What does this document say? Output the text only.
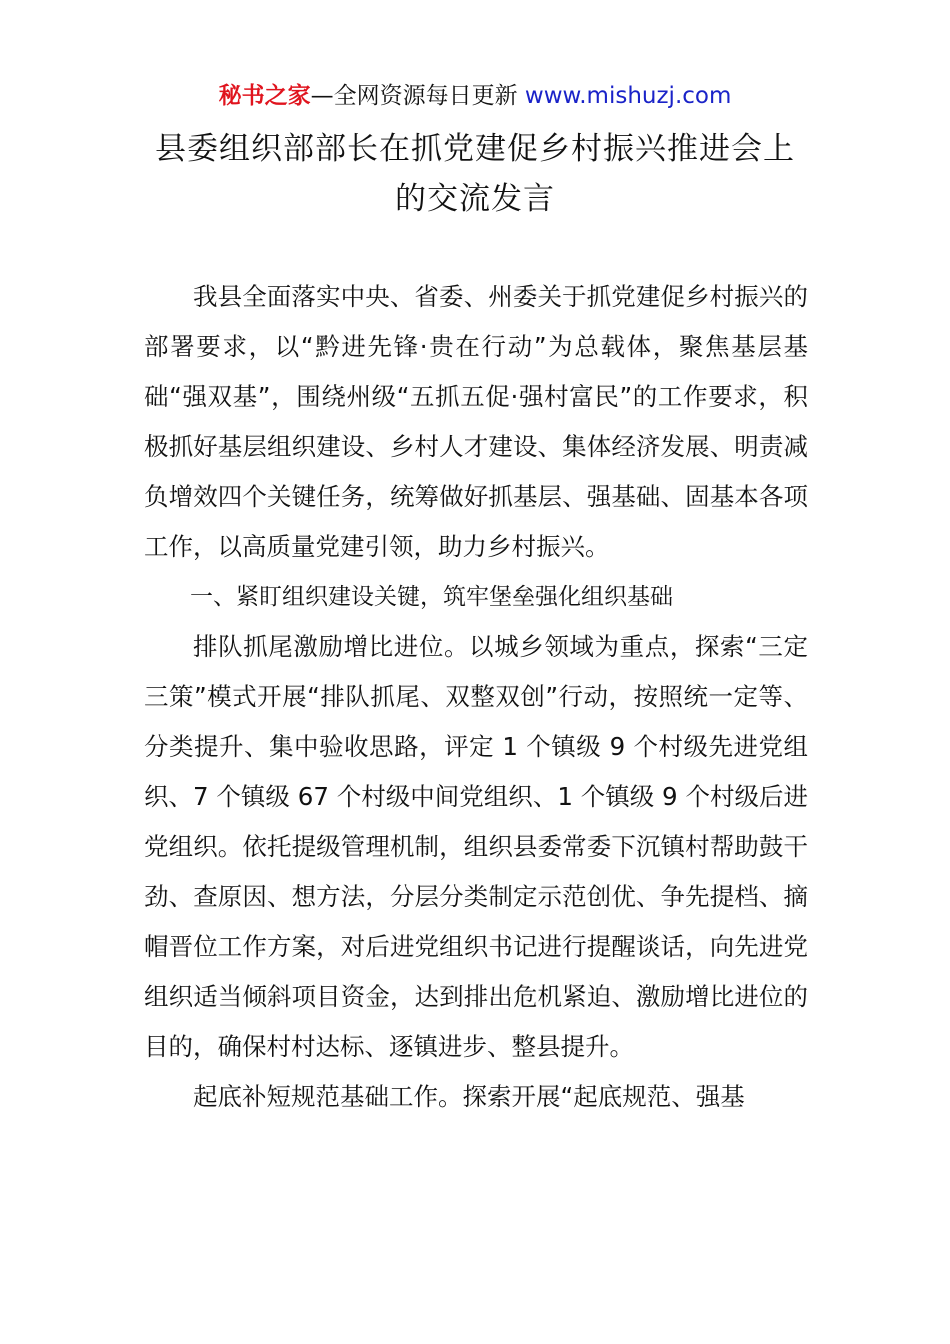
秘书之家—全网资源每日更新 www.mishuzj.com
县委组织部部长在抓党建促乡村振兴推进会上
的交流发言

我县全面落实中央、省委、州委关于抓党建促乡村振兴的部署要求，以“黔进先锋·贵在行动”为总载体，聚焦基层基础“强双基”，围绕州级“五抓五促·强村富民”的工作要求，积极抓好基层组织建设、乡村人才建设、集体经济发展、明责减负增效四个关键任务，统筹做好抓基层、强基础、固基本各项工作，以高质量党建引领，助力乡村振兴。

一、紧盯组织建设关键，筑牢堡垒强化组织基础

排队抓尾激励增比进位。以城乡领域为重点，探索“三定三策”模式开展“排队抓尾、双整双创”行动，按照统一定等、分类提升、集中验收思路，评定 1 个镇级 9 个村级先进党组织、7 个镇级 67 个村级中间党组织、1 个镇级 9 个村级后进党组织。依托提级管理机制，组织县委常委下沉镇村帮助鼓干劲、查原因、想方法，分层分类制定示范创优、争先提档、摘帽晋位工作方案，对后进党组织书记进行提醒谈话，向先进党组织适当倾斜项目资金，达到排出危机紧迫、激励增比进位的目的，确保村村达标、逐镇进步、整县提升。

起底补短规范基础工作。探索开展“起底规范、强基
